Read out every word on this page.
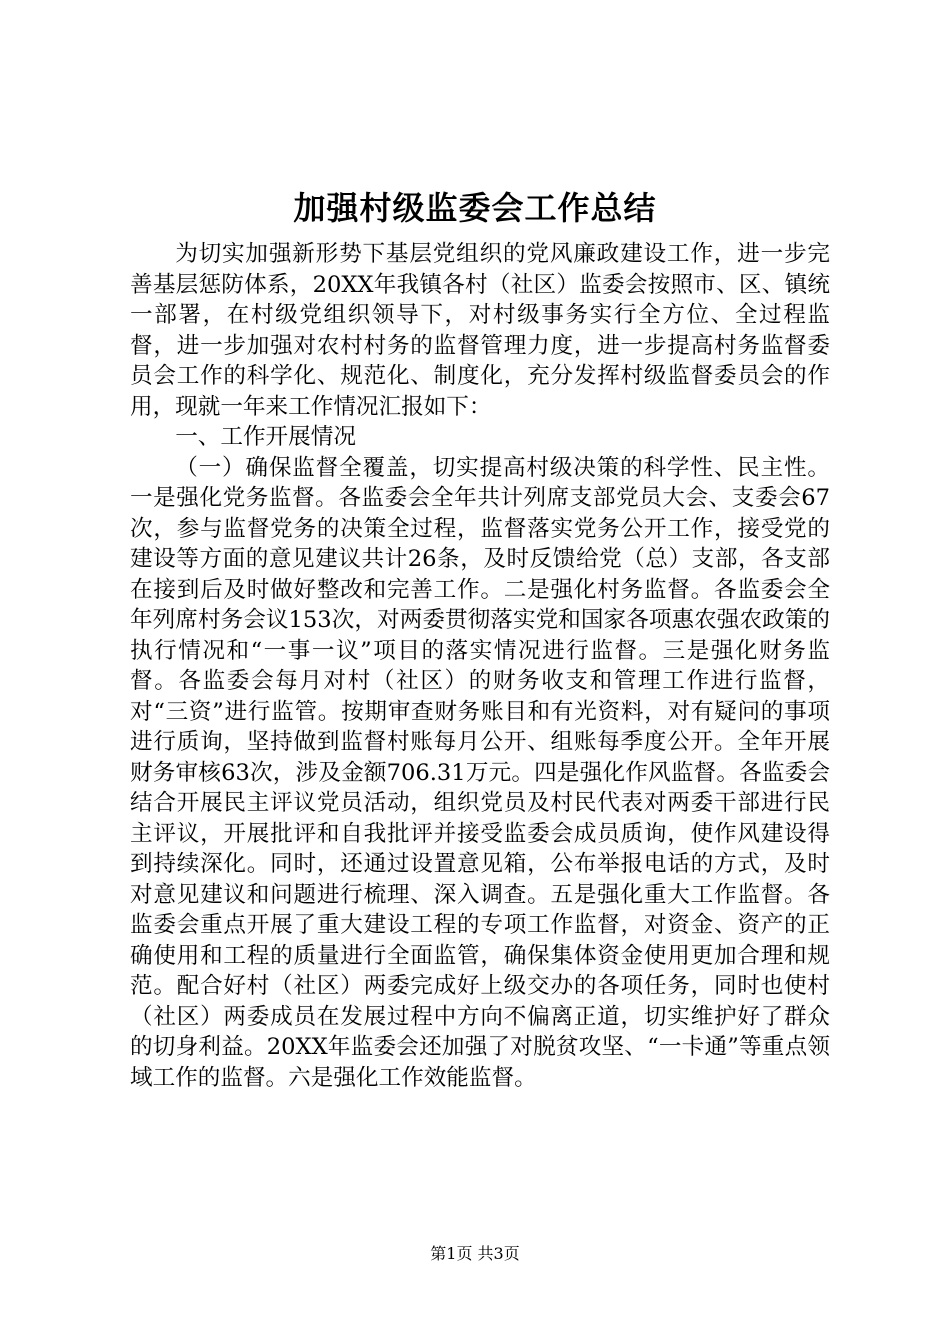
加强村级监委会工作总结

为切实加强新形势下基层党组织的党风廉政建设工作，进一步完善基层惩防体系，20XX年我镇各村（社区）监委会按照市、区、镇统一部署，在村级党组织领导下，对村级事务实行全方位、全过程监督，进一步加强对农村村务的监督管理力度，进一步提高村务监督委员会工作的科学化、规范化、制度化，充分发挥村级监督委员会的作用，现就一年来工作情况汇报如下：

一、工作开展情况

（一）确保监督全覆盖，切实提高村级决策的科学性、民主性。一是强化党务监督。各监委会全年共计列席支部党员大会、支委会67次，参与监督党务的决策全过程，监督落实党务公开工作，接受党的建设等方面的意见建议共计26条，及时反馈给党（总）支部，各支部在接到后及时做好整改和完善工作。二是强化村务监督。各监委会全年列席村务会议153次，对两委贯彻落实党和国家各项惠农强农政策的执行情况和“一事一议”项目的落实情况进行监督。三是强化财务监督。各监委会每月对村（社区）的财务收支和管理工作进行监督，对“三资”进行监管。按期审查财务账目和有光资料，对有疑问的事项进行质询，坚持做到监督村账每月公开、组账每季度公开。全年开展财务审核63次，涉及金额706.31万元。四是强化作风监督。各监委会结合开展民主评议党员活动，组织党员及村民代表对两委干部进行民主评议，开展批评和自我批评并接受监委会成员质询，使作风建设得到持续深化。同时，还通过设置意见箱，公布举报电话的方式，及时对意见建议和问题进行梳理、深入调查。五是强化重大工作监督。各监委会重点开展了重大建设工程的专项工作监督，对资金、资产的正确使用和工程的质量进行全面监管，确保集体资金使用更加合理和规范。配合好村（社区）两委完成好上级交办的各项任务，同时也使村（社区）两委成员在发展过程中方向不偏离正道，切实维护好了群众的切身利益。20XX年监委会还加强了对脱贫攻坚、“一卡通”等重点领域工作的监督。六是强化工作效能监督。

第1页 共3页
